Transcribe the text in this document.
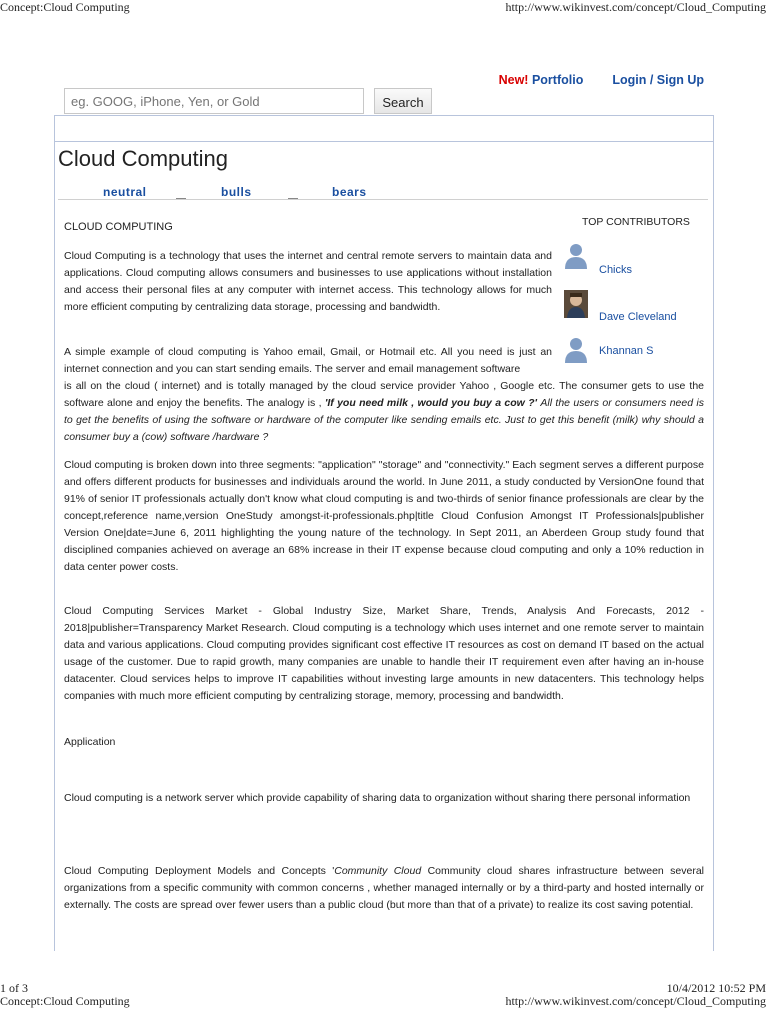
Concept:Cloud Computing	http://www.wikinvest.com/concept/Cloud_Computing
New! Portfolio Login / Sign Up
eg. GOOG, iPhone, Yen, or Gold
Search
Cloud Computing
neutral	bulls	bears
CLOUD COMPUTING	TOP CONTRIBUTORS
Chicks
Dave Cleveland
Khannan S

Cloud Computing is a technology that uses the internet and central remote servers to maintain data and applications. Cloud computing allows consumers and businesses to use applications without installation and access their personal files at any computer with internet access. This technology allows for much more efficient computing by centralizing data storage, processing and bandwidth.

A simple example of cloud computing is Yahoo email, Gmail, or Hotmail etc. All you need is just an internet connection and you can start sending emails. The server and email management software

is all on the cloud ( internet) and is totally managed by the cloud service provider Yahoo , Google etc. The consumer gets to use the software alone and enjoy the benefits. The analogy is , 'If you need milk , would you buy a cow ?' All the users or consumers need is to get the benefits of using the software or hardware of the computer like sending emails etc. Just to get this benefit (milk) why should a consumer buy a (cow) software /hardware ?

Cloud computing is broken down into three segments: "application" "storage" and "connectivity." Each segment serves a different purpose and offers different products for businesses and individuals around the world. In June 2011, a study conducted by VersionOne found that 91% of senior IT professionals actually don't know what cloud computing is and two-thirds of senior finance professionals are clear by the concept,reference name,version OneStudy amongst-it-professionals.php|title Cloud Confusion Amongst IT Professionals|publisher Version One|date=June 6, 2011 highlighting the young nature of the technology. In Sept 2011, an Aberdeen Group study found that disciplined companies achieved on average an 68% increase in their IT expense because cloud computing and only a 10% reduction in data center power costs.

Cloud Computing Services Market - Global Industry Size, Market Share, Trends, Analysis And Forecasts, 2012 - 2018|publisher=Transparency Market Research. Cloud computing is a technology which uses internet and one remote server to maintain data and various applications. Cloud computing provides significant cost effective IT resources as cost on demand IT based on the actual usage of the customer. Due to rapid growth, many companies are unable to handle their IT requirement even after having an in-house datacenter. Cloud services helps to improve IT capabilities without investing large amounts in new datacenters. This technology helps companies with much more efficient computing by centralizing storage, memory, processing and bandwidth.

Application

Cloud computing is a network server which provide capability of sharing data to organization without sharing there personal information

Cloud Computing Deployment Models and Concepts 'Community Cloud Community cloud shares infrastructure between several organizations from a specific community with common concerns , whether managed internally or by a third-party and hosted internally or externally. The costs are spread over fewer users than a public cloud (but more than that of a private) to realize its cost saving potential.

1 of 3	10/4/2012 10:52 PM
Concept:Cloud Computing	http://www.wikinvest.com/concept/Cloud_Computing
